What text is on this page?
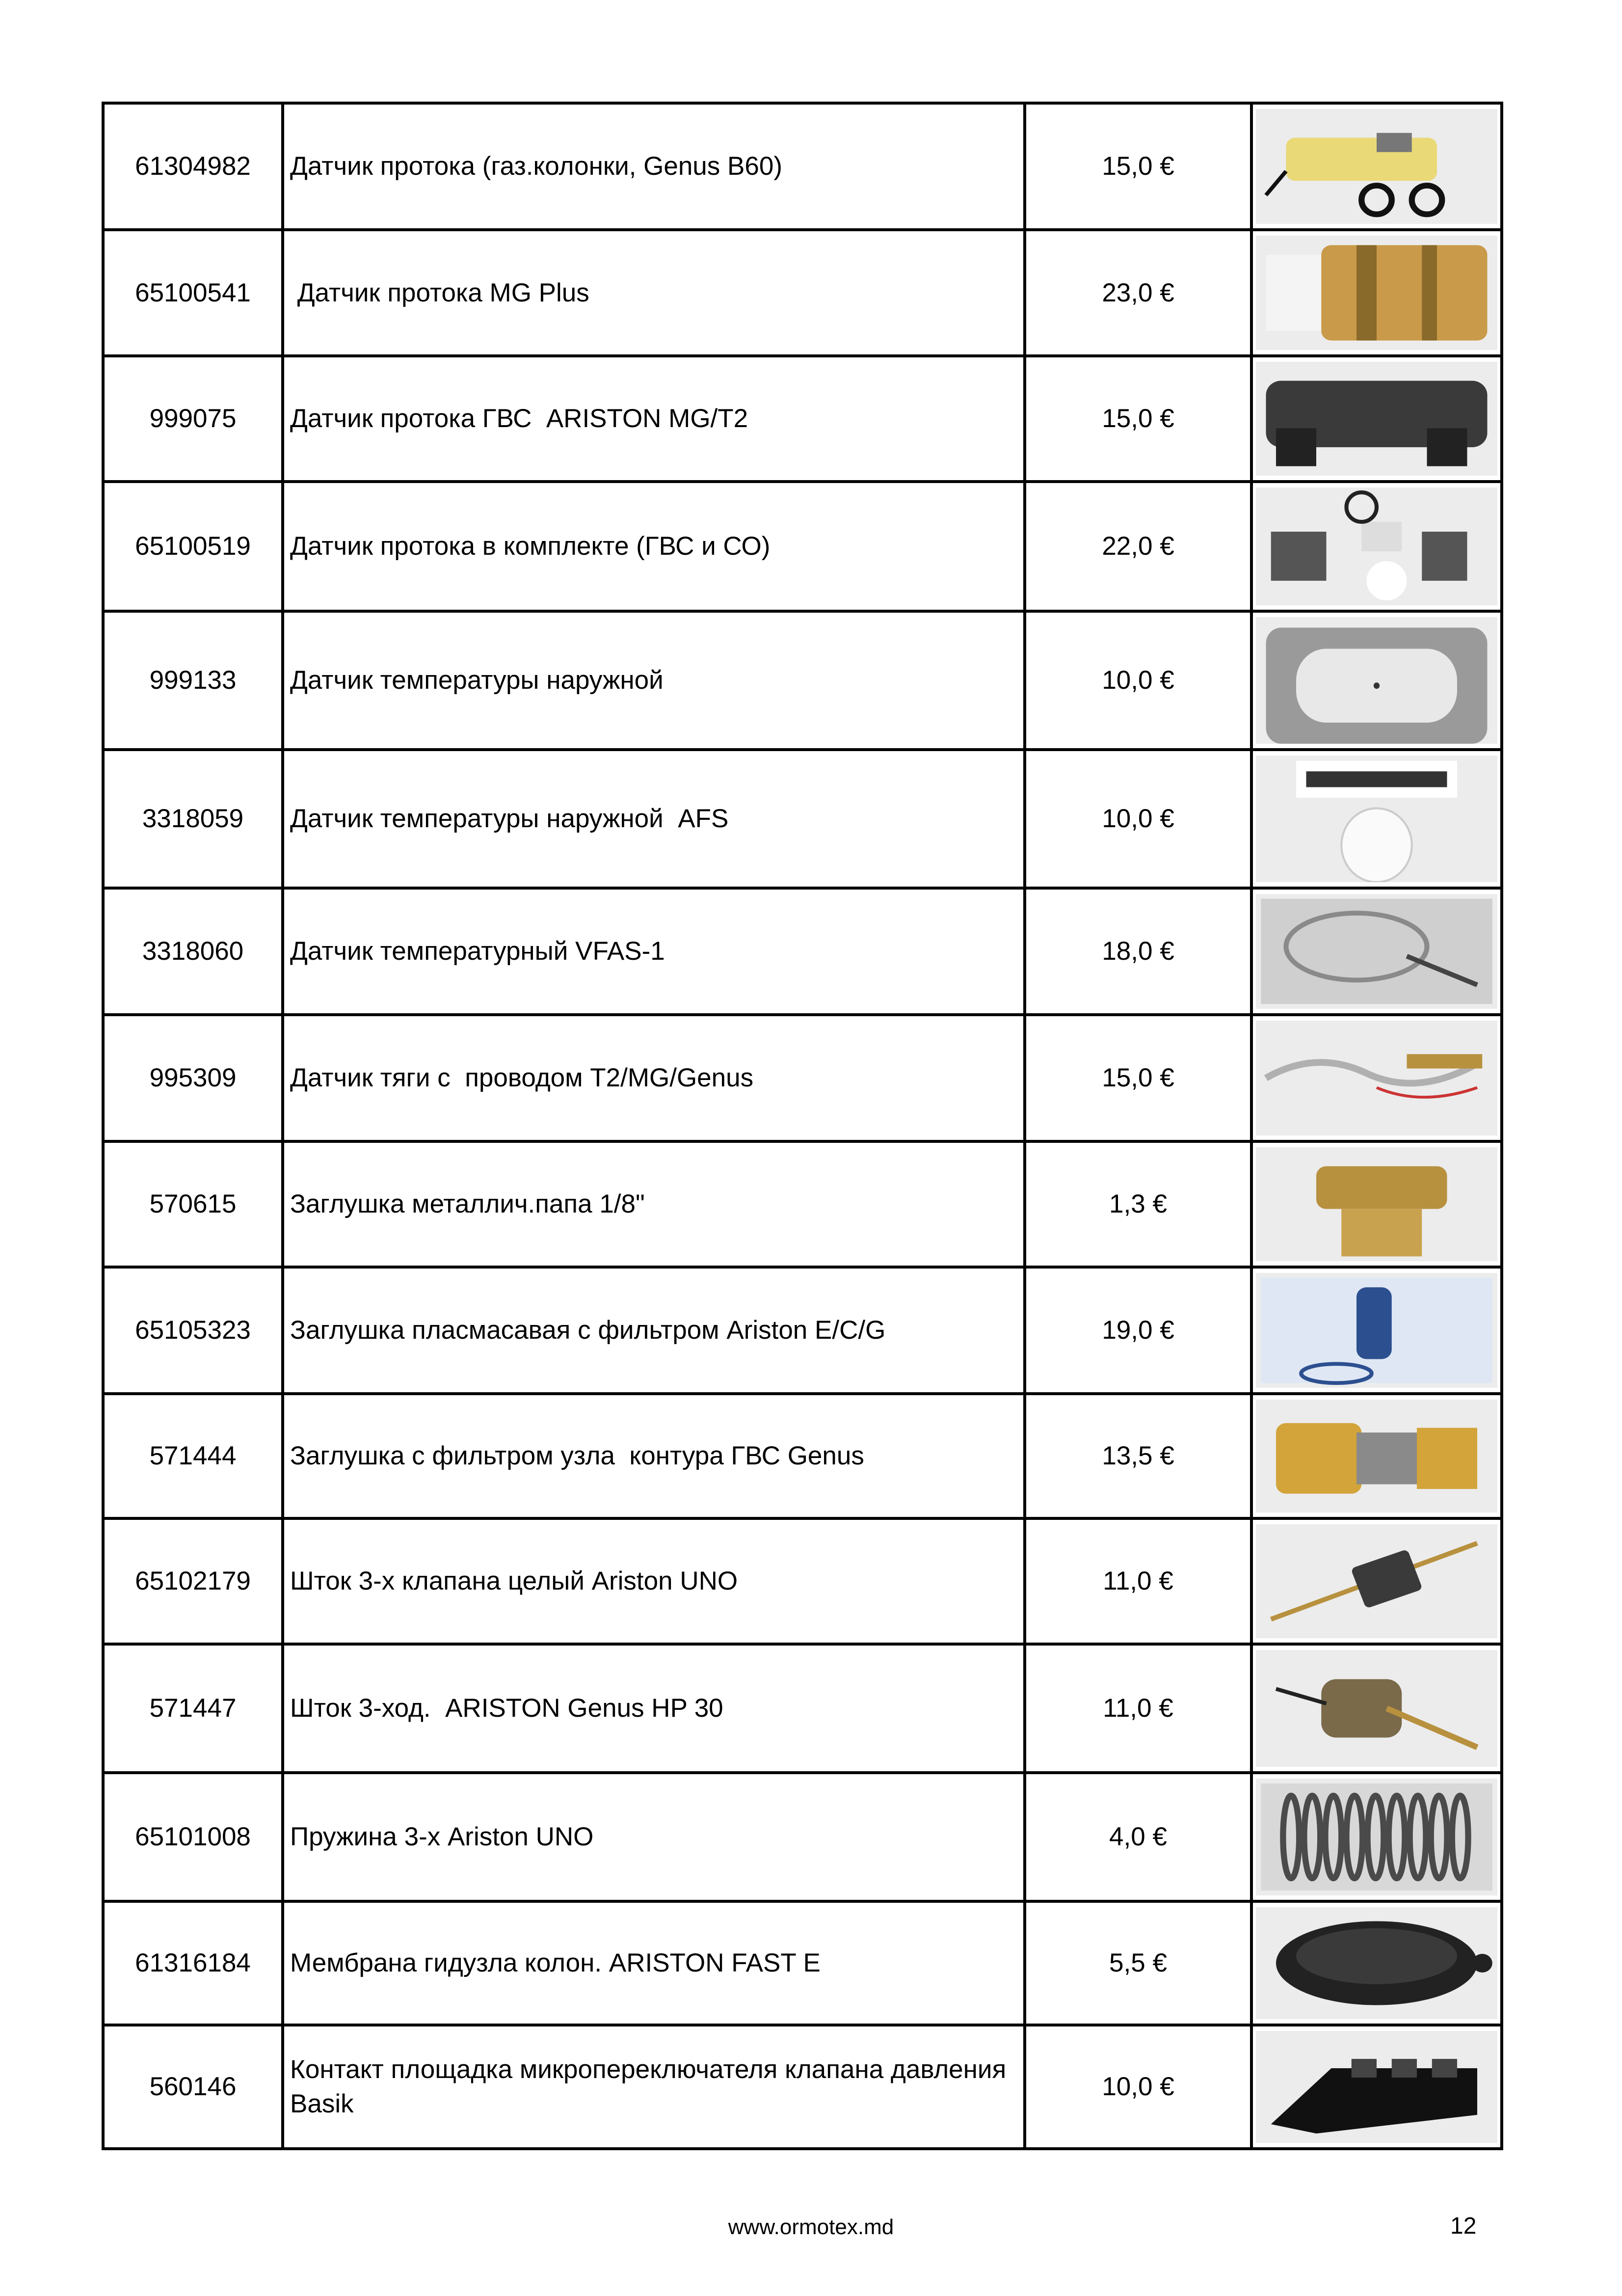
61304982	Датчик протока (газ.колонки, Genus B60)	15,0 €	

65100541	Датчик протока MG Plus	23,0 €	

999075	Датчик протока ГВС  ARISTON MG/T2	15,0 €	

65100519	Датчик протока в комплекте (ГВС и СО)	22,0 €	

999133	Датчик температуры наружной	10,0 €	

3318059	Датчик температуры наружной  AFS	10,0 €	

3318060	Датчик температурный VFAS-1	18,0 €	

995309	Датчик тяги с  проводом T2/MG/Genus	15,0 €	

570615	Заглушка металлич.папа 1/8"	1,3 €	

65105323	Заглушка пласмасавая с фильтром Ariston E/C/G	19,0 €	

571444	Заглушка с фильтром узла  контура ГВС Genus	13,5 €	

65102179	Шток 3-х клапана целый Ariston UNO	11,0 €	

571447	Шток 3-ход.  ARISTON Genus HP 30	11,0 €	

65101008	Пружина 3-х Ariston UNO	4,0 €	

61316184	Мембрана гидузла колон. ARISTON FAST E	5,5 €	

560146	Контакт площадка микропереключателя клапана давления Basik	10,0 €	
www.ormotex.md	12
